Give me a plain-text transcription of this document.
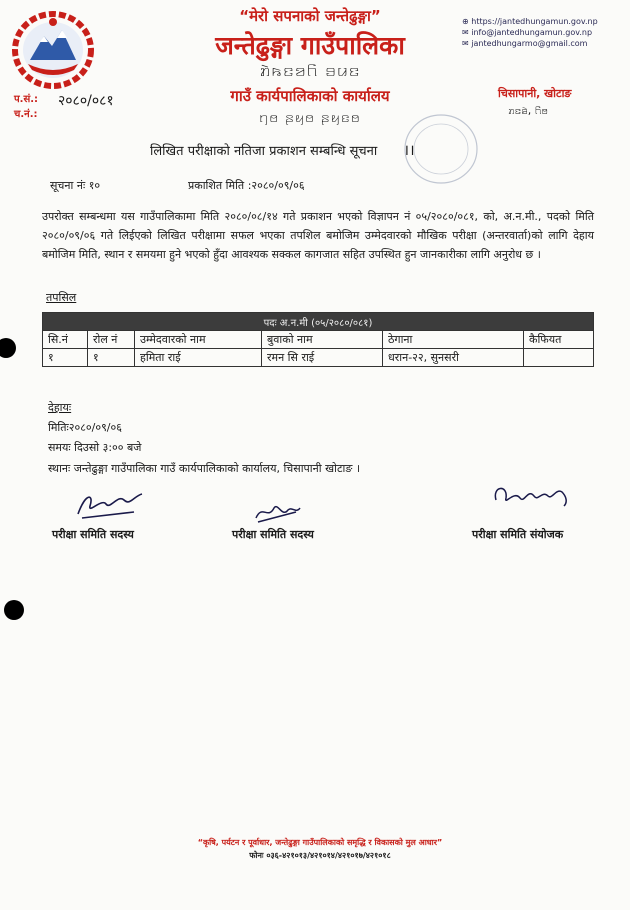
“मेरो सपनाको जन्तेढुङ्गा”
जन्तेढुङ्गा गाउँपालिका
ꤊꤧꤒꤢꤤꤖ ꤋꤣꤢ
गाउँ कार्यपालिकाको कार्यालय
ꤚꤥ ꤔꤟꤥ ꤔꤟꤢꤥ
⊕ https://jantedhungamun.gov.np
✉ info@jantedhungamun.gov.np
✉ jantedhungarmo@gmail.com
चिसापानी, खोटाङ
ꤊꤢꤋꤧ, ꤖꤥ
प.सं.:
च.नं.:
२०८०/०८१
लिखित परीक्षाको नतिजा प्रकाशन सम्बन्धि सूचना ।।
सूचना नंः १०	प्रकाशित मिति :२०८०/०९/०६
उपरोक्त सम्बन्धमा यस गाउँपालिकामा मिति २०८०/०८/१४ गते प्रकाशन भएको विज्ञापन नं ०५/२०८०/०८१, को, अ.न.मी., पदको मिति २०८०/०९/०६ गते लिईएको लिखित परीक्षामा सफल भएका तपशिल बमोजिम उम्मेदवारको मौखिक परीक्षा (अन्तरवार्ता)को लागि देहाय बमोजिम मिति, स्थान र समयमा हुने भएको हुँदा आवश्यक सक्कल कागजात सहित उपस्थित हुन जानकारीका लागि अनुरोध छ ।
तपसिल
पदः अ.न.मी (०५/२०८०/०८१)					
सि.नं	रोल नं	उम्मेदवारको नाम	बुवाको नाम	ठेगाना	कैफियत
१	१	हमिता राई	रमन सि राई	धरान-२२, सुनसरी	
देहायः
मितिः२०८०/०९/०६
समयः दिउसो ३:०० बजे
स्थानः जन्तेढुङ्गा गाउँपालिका गाउँ कार्यपालिकाको कार्यालय, चिसापानी खोटाङ ।
परीक्षा समिति सदस्य	परीक्षा समिति सदस्य	परीक्षा समिति संयोजक
“कृषि, पर्यटन र पूर्वाधार, जन्तेढुङ्गा गाउँपालिकाको समृद्धि र विकासको मुल आधार”
फोनः ०३६-४२१०१३/४२१०१४/४२१०१७/४२१०१८
